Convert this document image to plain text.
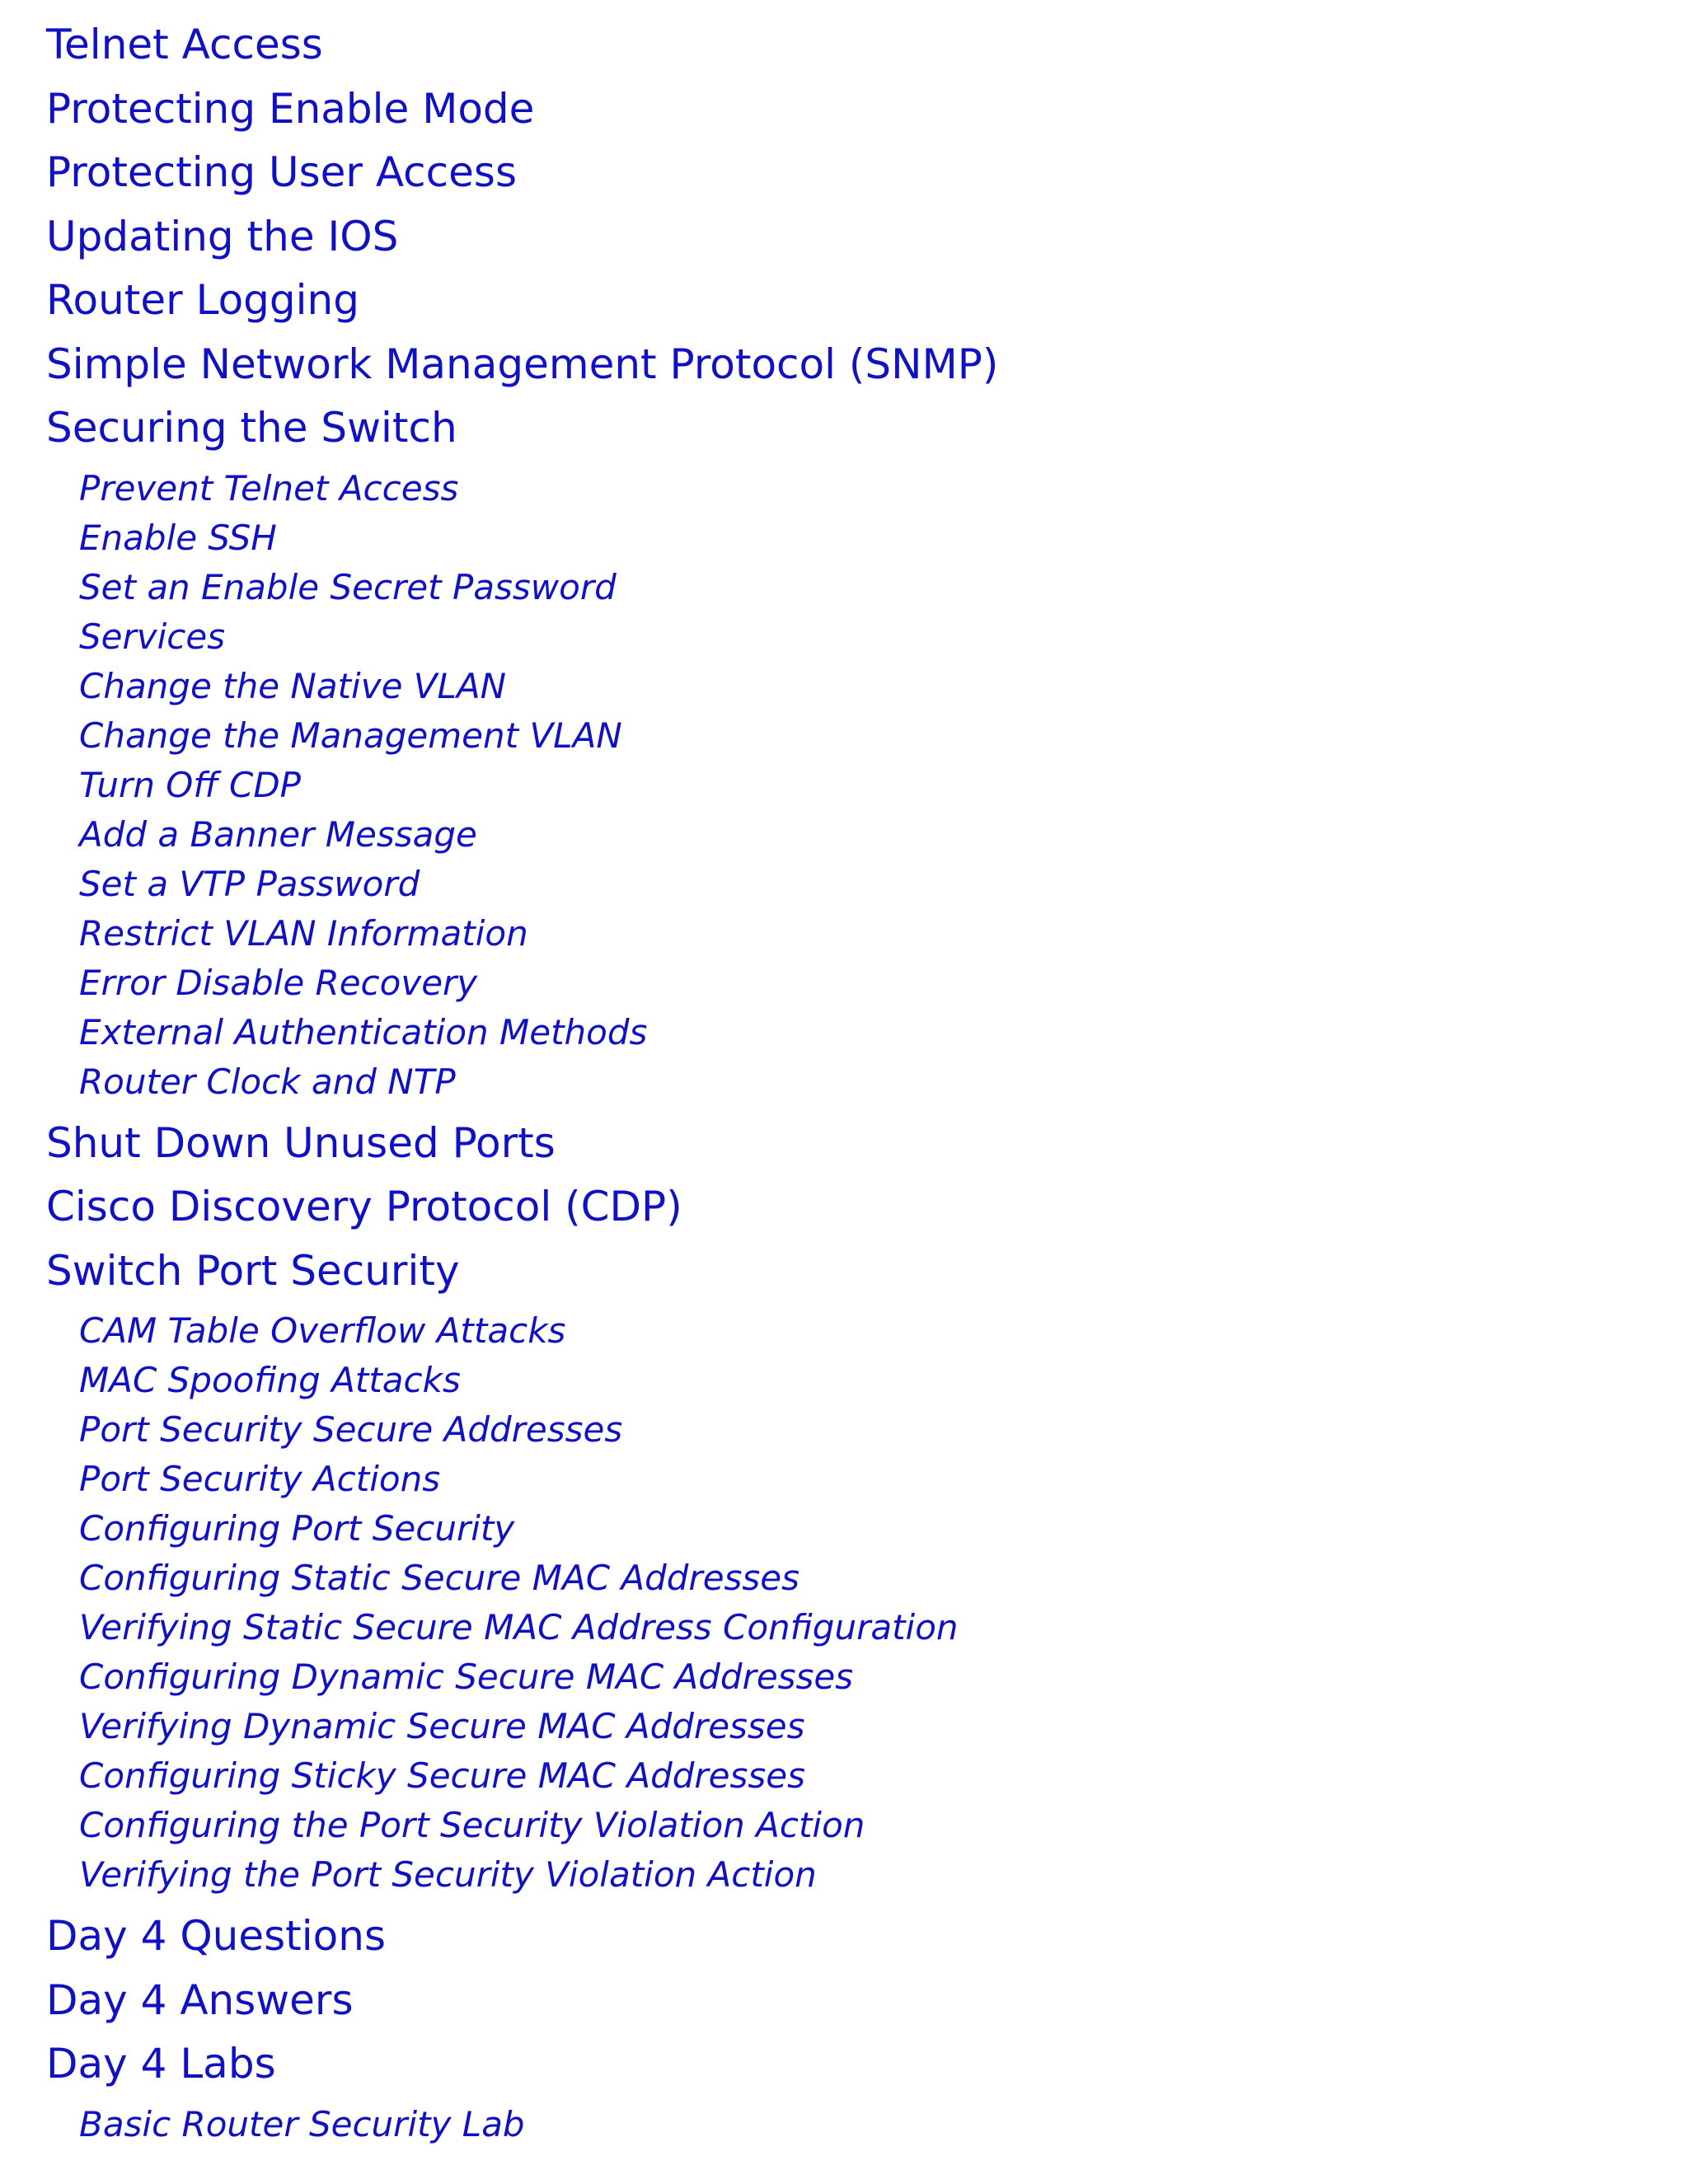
Telnet Access
Protecting Enable Mode
Protecting User Access
Updating the IOS
Router Logging
Simple Network Management Protocol (SNMP)
Securing the Switch
Prevent Telnet Access
Enable SSH
Set an Enable Secret Password
Services
Change the Native VLAN
Change the Management VLAN
Turn Off CDP
Add a Banner Message
Set a VTP Password
Restrict VLAN Information
Error Disable Recovery
External Authentication Methods
Router Clock and NTP
Shut Down Unused Ports
Cisco Discovery Protocol (CDP)
Switch Port Security
CAM Table Overflow Attacks
MAC Spoofing Attacks
Port Security Secure Addresses
Port Security Actions
Configuring Port Security
Configuring Static Secure MAC Addresses
Verifying Static Secure MAC Address Configuration
Configuring Dynamic Secure MAC Addresses
Verifying Dynamic Secure MAC Addresses
Configuring Sticky Secure MAC Addresses
Configuring the Port Security Violation Action
Verifying the Port Security Violation Action
Day 4 Questions
Day 4 Answers
Day 4 Labs
Basic Router Security Lab
